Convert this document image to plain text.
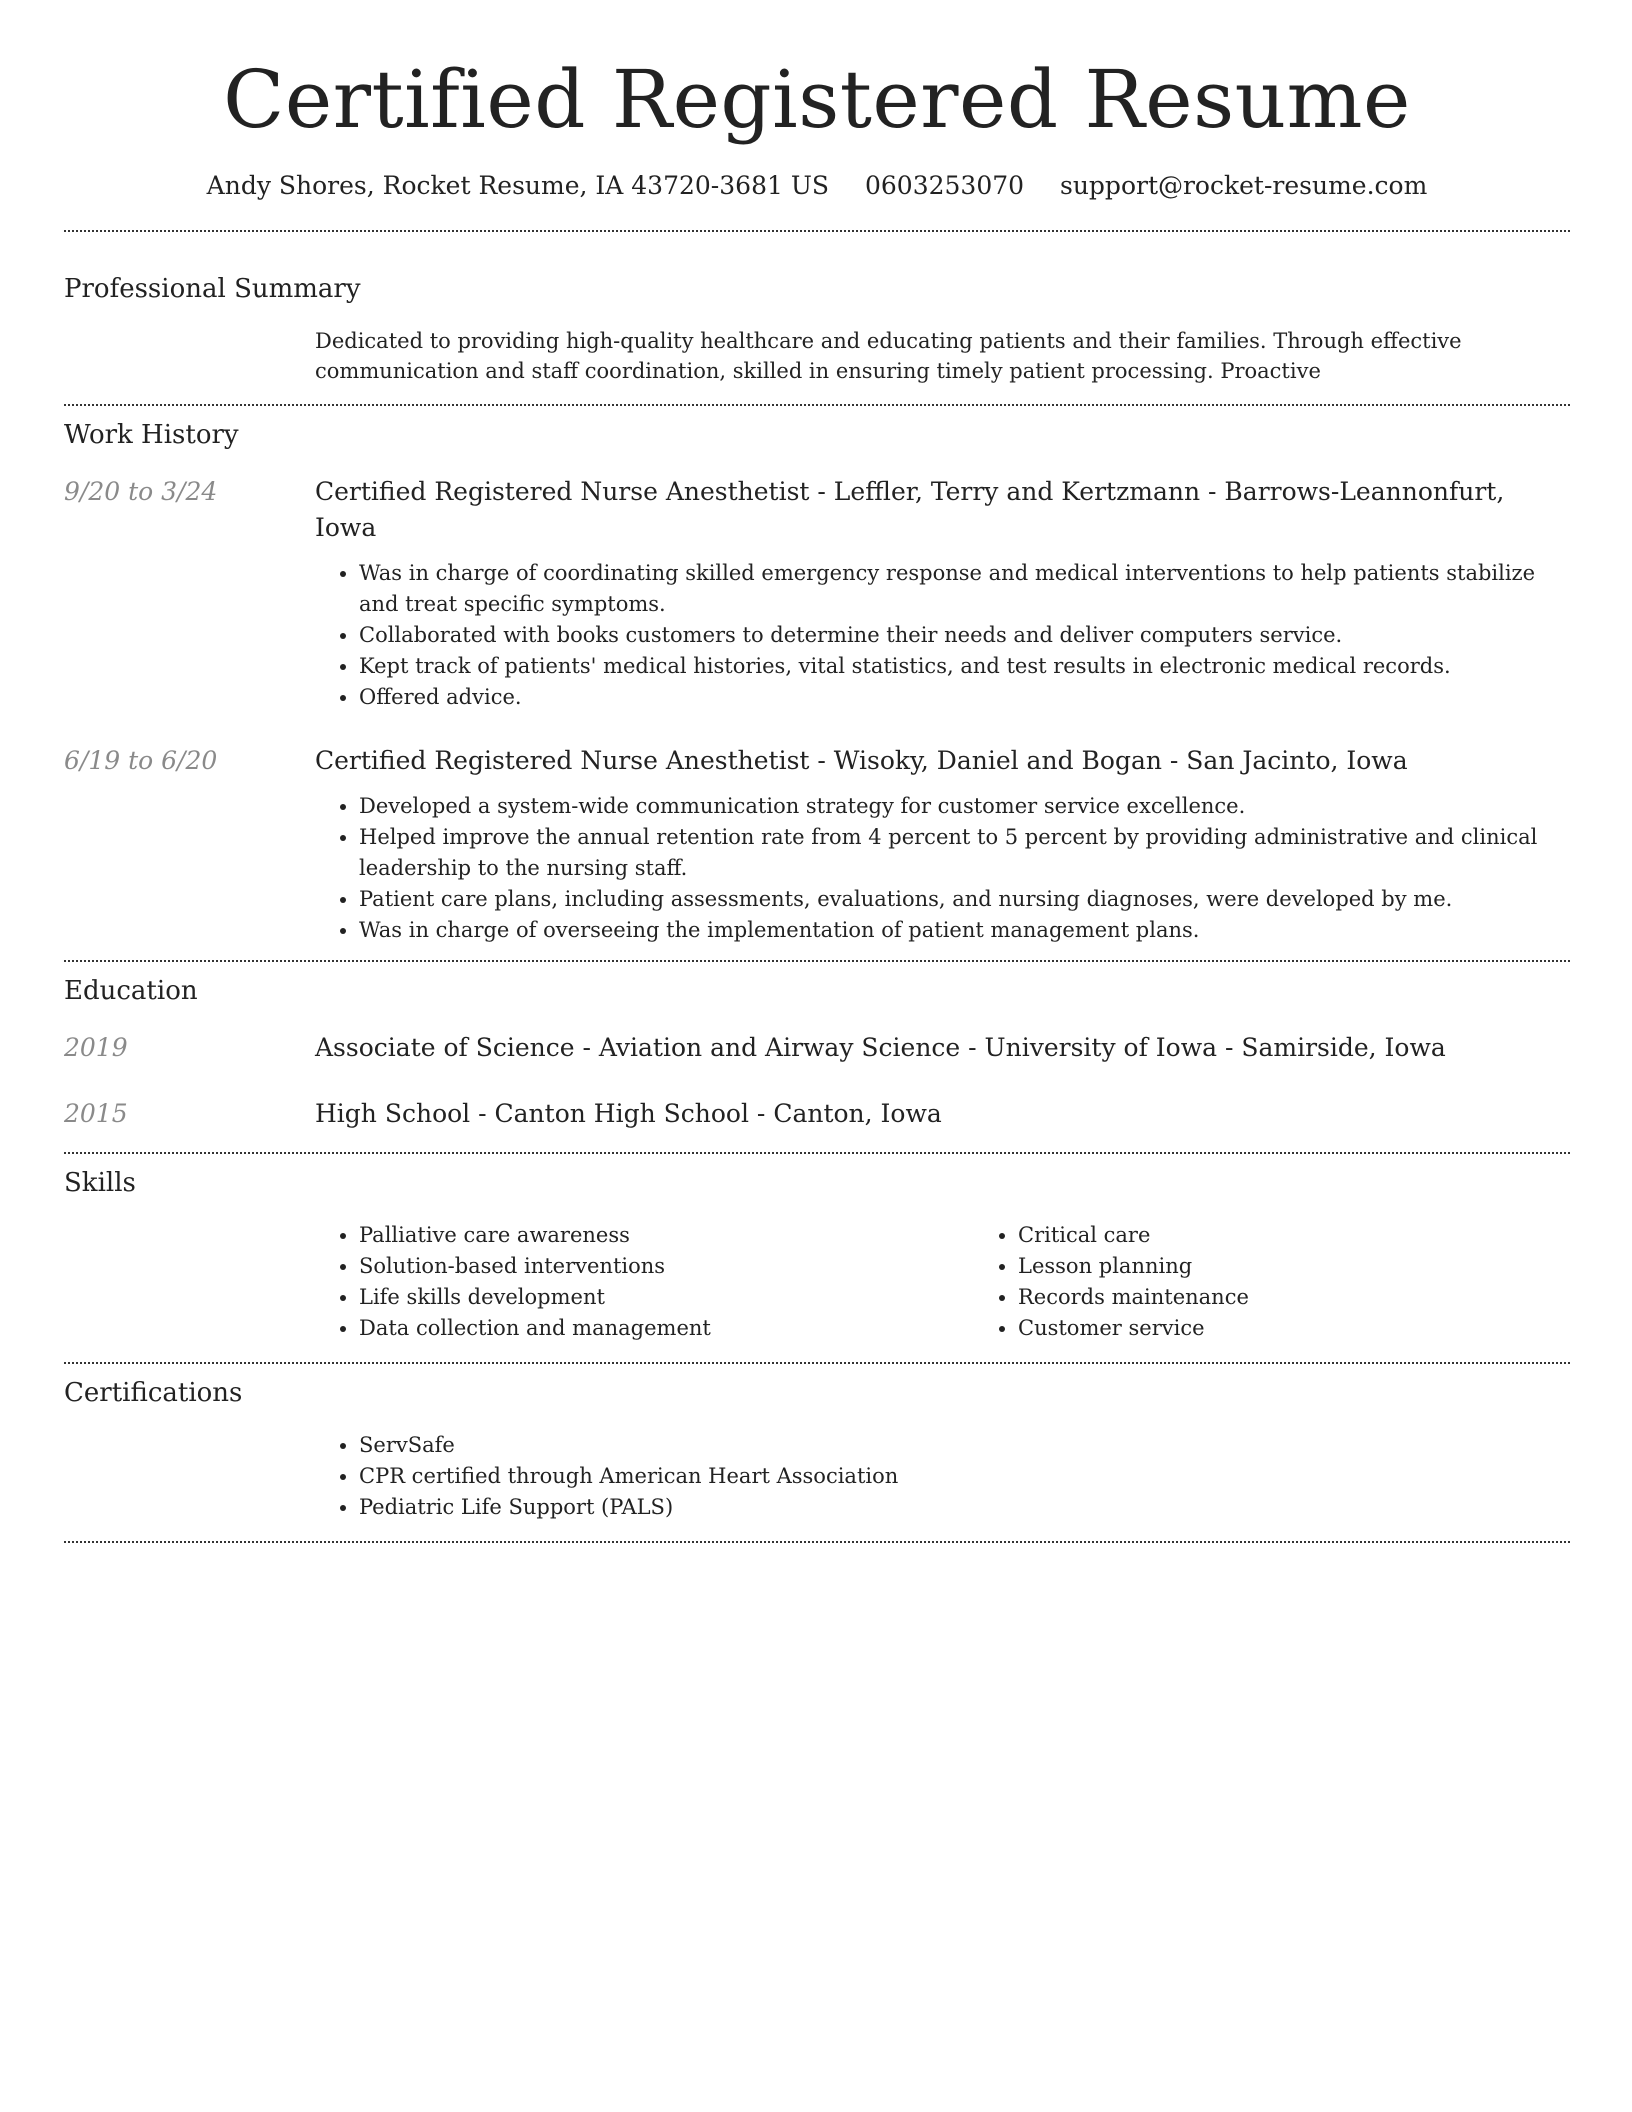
Certified Registered Resume
Andy Shores, Rocket Resume, IA 43720-3681 US 0603253070 support@rocket-resume.com
Professional Summary
Dedicated to providing high-quality healthcare and educating patients and their families. Through effective communication and staff coordination, skilled in ensuring timely patient processing. Proactive
Work History
9/20 to 3/24	Certified Registered Nurse Anesthetist - Leffler, Terry and Kertzmann - Barrows-Leannonfurt, Iowa
• Was in charge of coordinating skilled emergency response and medical interventions to help patients stabilize and treat specific symptoms.
• Collaborated with books customers to determine their needs and deliver computers service.
• Kept track of patients' medical histories, vital statistics, and test results in electronic medical records.
• Offered advice.
6/19 to 6/20	Certified Registered Nurse Anesthetist - Wisoky, Daniel and Bogan - San Jacinto, Iowa
• Developed a system-wide communication strategy for customer service excellence.
• Helped improve the annual retention rate from 4 percent to 5 percent by providing administrative and clinical leadership to the nursing staff.
• Patient care plans, including assessments, evaluations, and nursing diagnoses, were developed by me.
• Was in charge of overseeing the implementation of patient management plans.
Education
2019	Associate of Science - Aviation and Airway Science - University of Iowa - Samirside, Iowa
2015	High School - Canton High School - Canton, Iowa
Skills
• Palliative care awareness
• Solution-based interventions
• Life skills development
• Data collection and management
• Critical care
• Lesson planning
• Records maintenance
• Customer service
Certifications
• ServSafe
• CPR certified through American Heart Association
• Pediatric Life Support (PALS)
